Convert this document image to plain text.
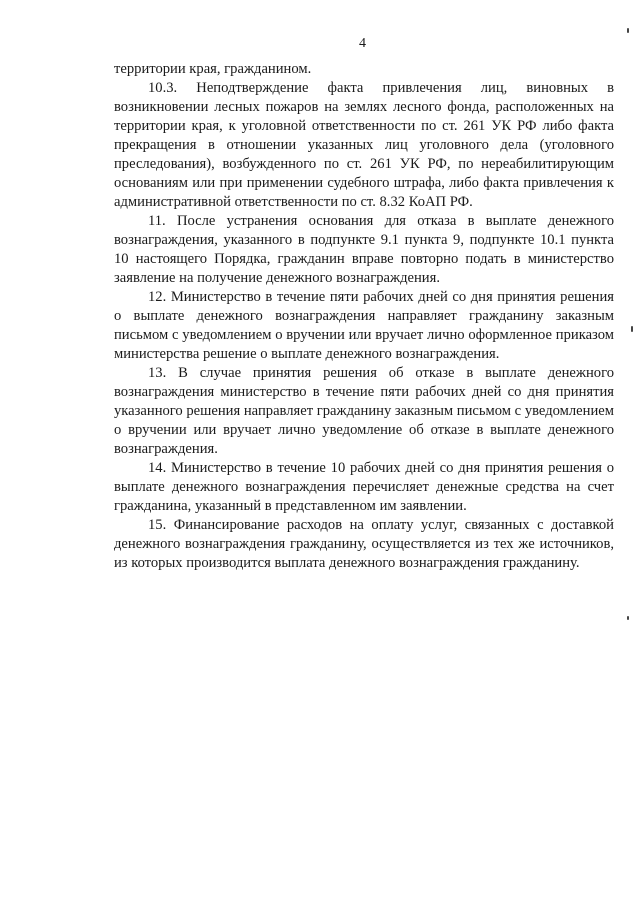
4

территории края, гражданином.

10.3. Неподтверждение факта привлечения лиц, виновных в возникновении лесных пожаров на землях лесного фонда, расположенных на территории края, к уголовной ответственности по ст. 261 УК РФ либо факта прекращения в отношении указанных лиц уголовного дела (уголовного преследования), возбужденного по ст. 261 УК РФ, по нереабилитирующим основаниям или при применении судебного штрафа, либо факта привлечения к административной ответственности по ст. 8.32 КоАП РФ.

11. После устранения основания для отказа в выплате денежного вознаграждения, указанного в подпункте 9.1 пункта 9, подпункте 10.1 пункта 10 настоящего Порядка, гражданин вправе повторно подать в министерство заявление на получение денежного вознаграждения.

12. Министерство в течение пяти рабочих дней со дня принятия решения о выплате денежного вознаграждения направляет гражданину заказным письмом с уведомлением о вручении или вручает лично оформленное приказом министерства решение о выплате денежного вознаграждения.

13. В случае принятия решения об отказе в выплате денежного вознаграждения министерство в течение пяти рабочих дней со дня принятия указанного решения направляет гражданину заказным письмом с уведомлением о вручении или вручает лично уведомление об отказе в выплате денежного вознаграждения.

14. Министерство в течение 10 рабочих дней со дня принятия решения о выплате денежного вознаграждения перечисляет денежные средства на счет гражданина, указанный в представленном им заявлении.

15. Финансирование расходов на оплату услуг, связанных с доставкой денежного вознаграждения гражданину, осуществляется из тех же источников, из которых производится выплата денежного вознаграждения гражданину.
